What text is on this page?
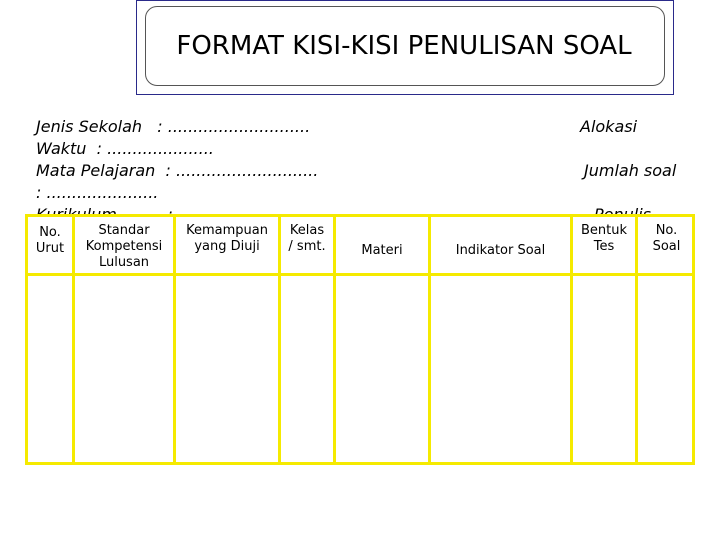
FORMAT KISI-KISI PENULISAN SOAL
Jenis Sekolah   : ............................
Waktu  : .....................
Mata Pelajaran  : ............................
: ......................
Alokasi
Jumlah soal
No.
Urut
Standar
Kompetensi
Lulusan
Kemampuan
yang Diuji
Kelas
/ smt.	Materi	Indikator Soal
Bentuk
Tes
No.
Soal
